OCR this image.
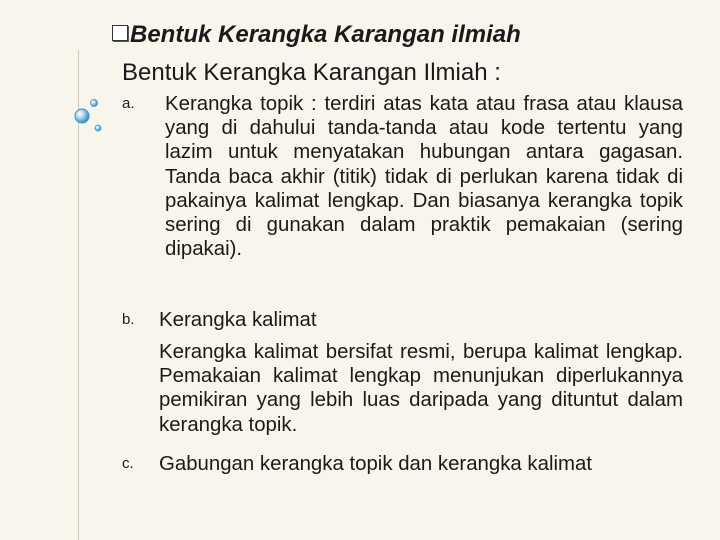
Bentuk Kerangka Karangan ilmiah
Bentuk Kerangka Karangan Ilmiah :
a. Kerangka topik : terdiri atas kata atau frasa atau klausa yang di dahului tanda-tanda atau kode tertentu yang lazim untuk menyatakan hubungan antara gagasan. Tanda baca akhir (titik) tidak di perlukan karena tidak di pakainya kalimat lengkap. Dan biasanya kerangka topik sering di gunakan dalam praktik pemakaian (sering dipakai).
b. Kerangka kalimat
Kerangka kalimat bersifat resmi, berupa kalimat lengkap. Pemakaian kalimat lengkap menunjukan diperlukannya pemikiran yang lebih luas daripada yang dituntut dalam kerangka topik.
c. Gabungan kerangka topik dan kerangka kalimat
